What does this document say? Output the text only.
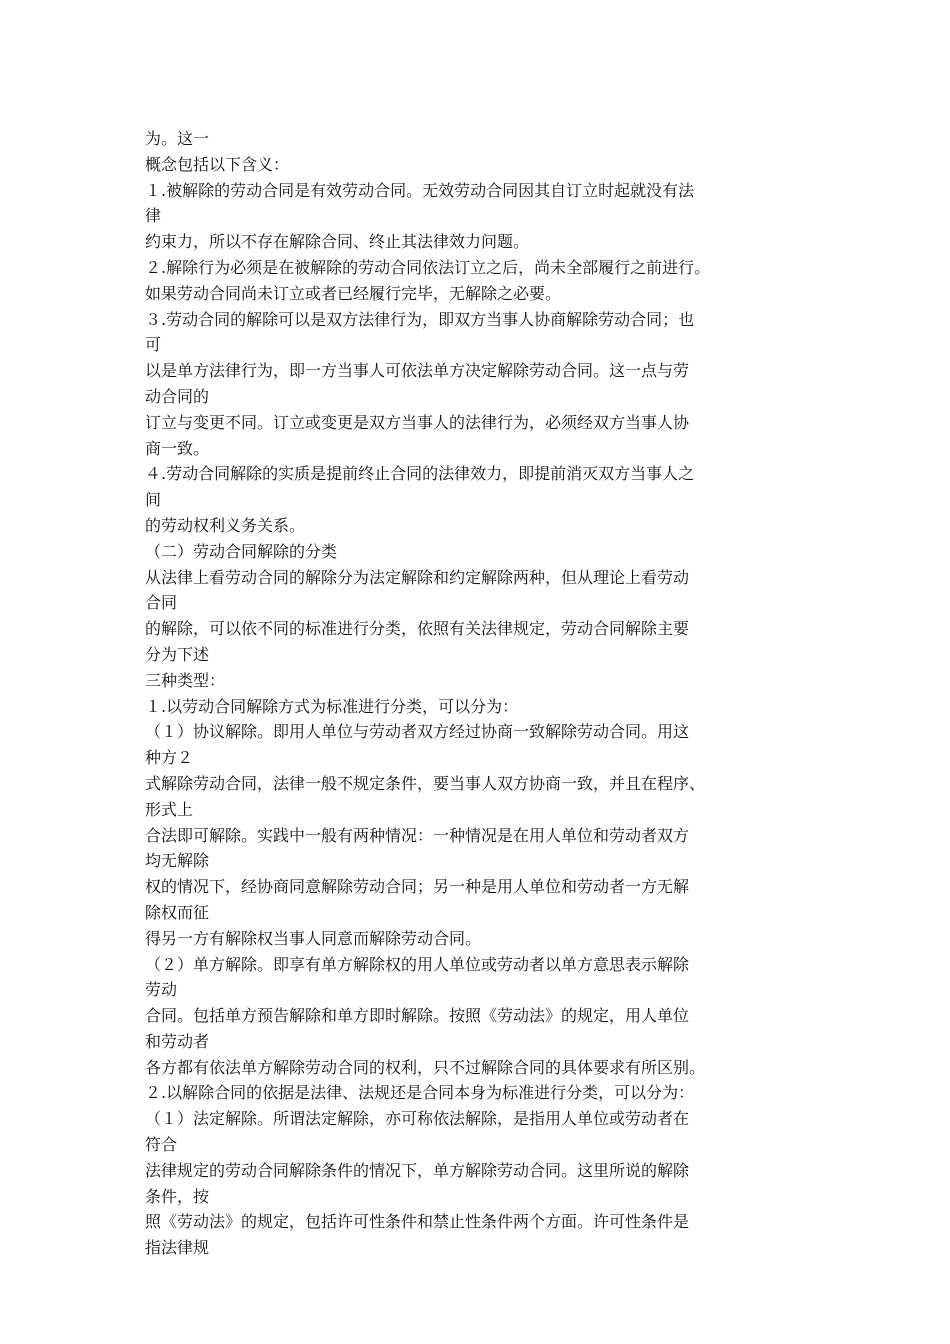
为。这一
概念包括以下含义：
１.被解除的劳动合同是有效劳动合同。无效劳动合同因其自订立时起就没有法
律
约束力，所以不存在解除合同、终止其法律效力问题。
２.解除行为必须是在被解除的劳动合同依法订立之后，尚未全部履行之前进行。
如果劳动合同尚未订立或者已经履行完毕，无解除之必要。
３.劳动合同的解除可以是双方法律行为，即双方当事人协商解除劳动合同；也
可
以是单方法律行为，即一方当事人可依法单方决定解除劳动合同。这一点与劳
动合同的
订立与变更不同。订立或变更是双方当事人的法律行为，必须经双方当事人协
商一致。
４.劳动合同解除的实质是提前终止合同的法律效力，即提前消灭双方当事人之
间
的劳动权利义务关系。
（二）劳动合同解除的分类
从法律上看劳动合同的解除分为法定解除和约定解除两种，但从理论上看劳动
合同
的解除，可以依不同的标准进行分类，依照有关法律规定，劳动合同解除主要
分为下述
三种类型：
１.以劳动合同解除方式为标准进行分类，可以分为：
（１）协议解除。即用人单位与劳动者双方经过协商一致解除劳动合同。用这
种方２
式解除劳动合同，法律一般不规定条件，要当事人双方协商一致，并且在程序、
形式上
合法即可解除。实践中一般有两种情况：一种情况是在用人单位和劳动者双方
均无解除
权的情况下，经协商同意解除劳动合同；另一种是用人单位和劳动者一方无解
除权而征
得另一方有解除权当事人同意而解除劳动合同。
（２）单方解除。即享有单方解除权的用人单位或劳动者以单方意思表示解除
劳动
合同。包括单方预告解除和单方即时解除。按照《劳动法》的规定，用人单位
和劳动者
各方都有依法单方解除劳动合同的权利，只不过解除合同的具体要求有所区别。
２.以解除合同的依据是法律、法规还是合同本身为标准进行分类，可以分为：
（１）法定解除。所谓法定解除，亦可称依法解除，是指用人单位或劳动者在
符合
法律规定的劳动合同解除条件的情况下，单方解除劳动合同。这里所说的解除
条件，按
照《劳动法》的规定，包括许可性条件和禁止性条件两个方面。许可性条件是
指法律规
